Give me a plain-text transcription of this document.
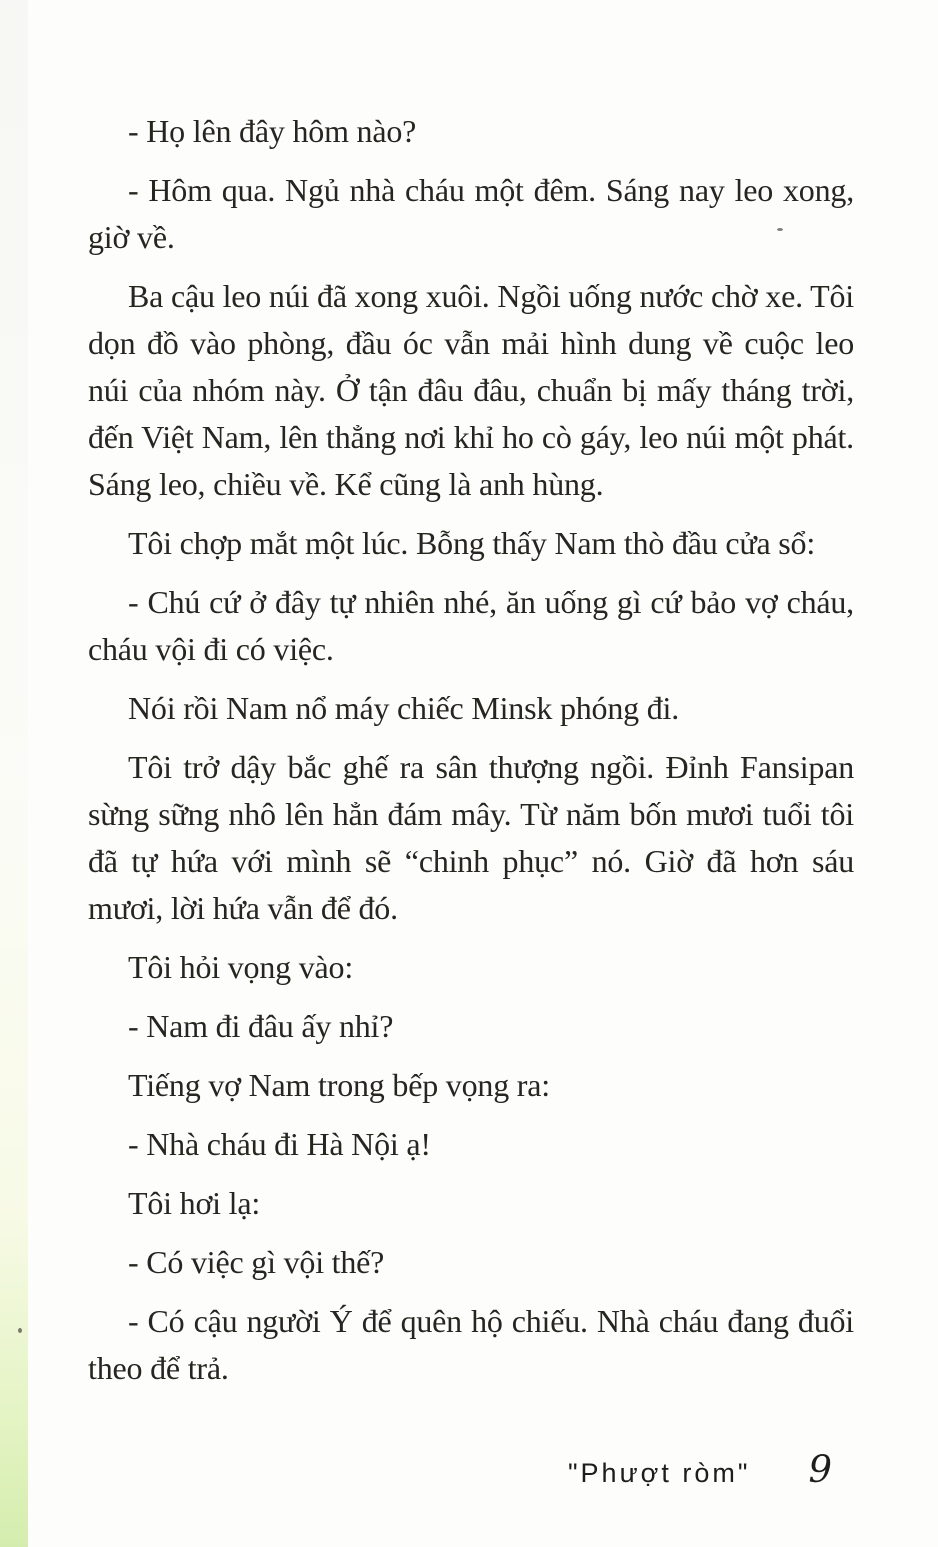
- Họ lên đây hôm nào?

- Hôm qua. Ngủ nhà cháu một đêm. Sáng nay leo xong, giờ về.

Ba cậu leo núi đã xong xuôi. Ngồi uống nước chờ xe. Tôi dọn đồ vào phòng, đầu óc vẫn mải hình dung về cuộc leo núi của nhóm này. Ở tận đâu đâu, chuẩn bị mấy tháng trời, đến Việt Nam, lên thẳng nơi khỉ ho cò gáy, leo núi một phát. Sáng leo, chiều về. Kể cũng là anh hùng.

Tôi chợp mắt một lúc. Bỗng thấy Nam thò đầu cửa sổ:

- Chú cứ ở đây tự nhiên nhé, ăn uống gì cứ bảo vợ cháu, cháu vội đi có việc.

Nói rồi Nam nổ máy chiếc Minsk phóng đi.

Tôi trở dậy bắc ghế ra sân thượng ngồi. Đỉnh Fansipan sừng sững nhô lên hẳn đám mây. Từ năm bốn mươi tuổi tôi đã tự hứa với mình sẽ “chinh phục” nó. Giờ đã hơn sáu mươi, lời hứa vẫn để đó.

Tôi hỏi vọng vào:

- Nam đi đâu ấy nhỉ?

Tiếng vợ Nam trong bếp vọng ra:

- Nhà cháu đi Hà Nội ạ!

Tôi hơi lạ:

- Có việc gì vội thế?

- Có cậu người Ý để quên hộ chiếu. Nhà cháu đang đuổi theo để trả.

"Phượt ròm" 9
